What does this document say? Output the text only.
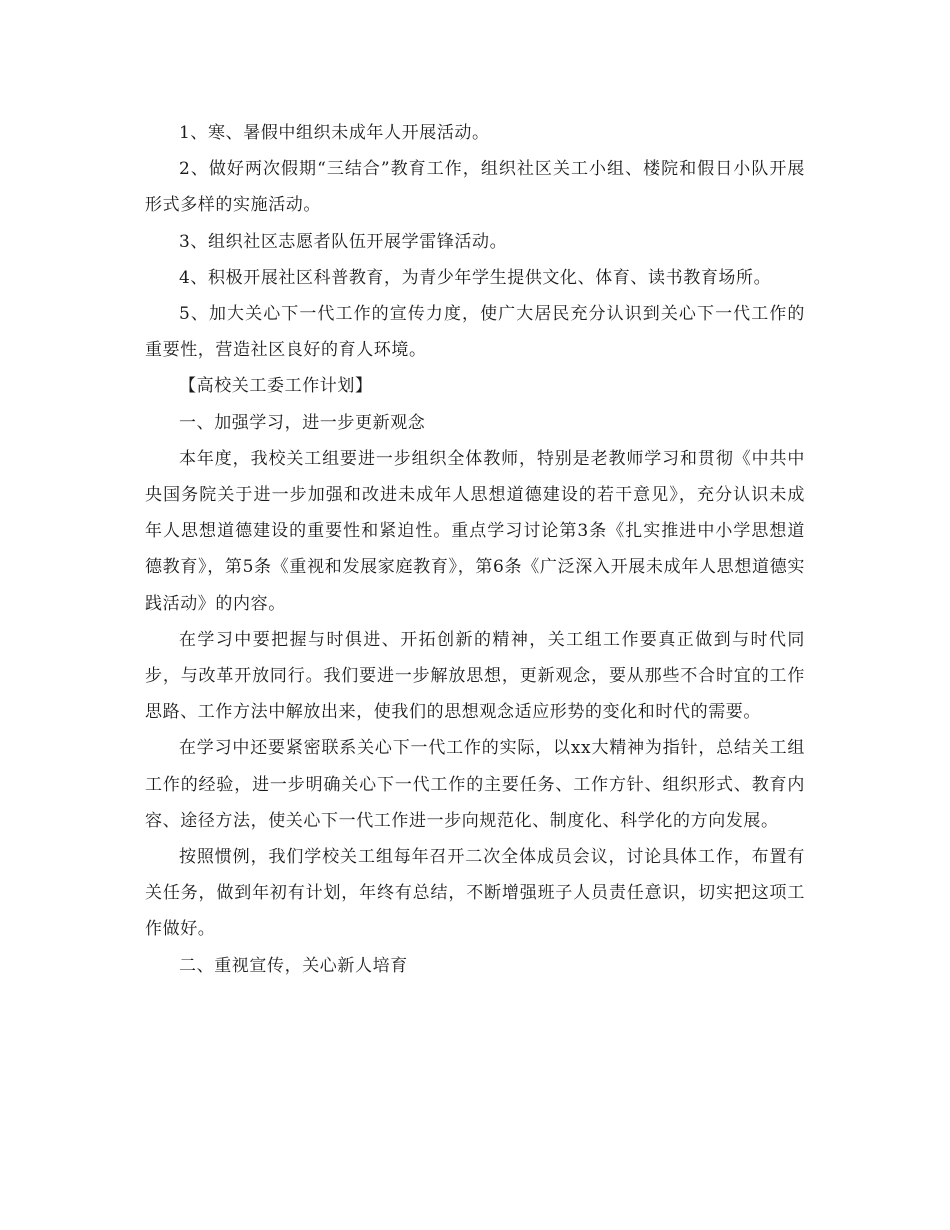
1、寒、暑假中组织未成年人开展活动。

2、做好两次假期“三结合”教育工作，组织社区关工小组、楼院和假日小队开展形式多样的实施活动。

3、组织社区志愿者队伍开展学雷锋活动。

4、积极开展社区科普教育，为青少年学生提供文化、体育、读书教育场所。

5、加大关心下一代工作的宣传力度，使广大居民充分认识到关心下一代工作的重要性，营造社区良好的育人环境。

【高校关工委工作计划】

一、加强学习，进一步更新观念

本年度，我校关工组要进一步组织全体教师，特别是老教师学习和贯彻《中共中央国务院关于进一步加强和改进未成年人思想道德建设的若干意见》，充分认识未成年人思想道德建设的重要性和紧迫性。重点学习讨论第3条《扎实推进中小学思想道德教育》，第5条《重视和发展家庭教育》，第6条《广泛深入开展未成年人思想道德实践活动》的内容。

在学习中要把握与时俱进、开拓创新的精神，关工组工作要真正做到与时代同步，与改革开放同行。我们要进一步解放思想，更新观念，要从那些不合时宜的工作思路、工作方法中解放出来，使我们的思想观念适应形势的变化和时代的需要。

在学习中还要紧密联系关心下一代工作的实际，以xx大精神为指针，总结关工组工作的经验，进一步明确关心下一代工作的主要任务、工作方针、组织形式、教育内容、途径方法，使关心下一代工作进一步向规范化、制度化、科学化的方向发展。

按照惯例，我们学校关工组每年召开二次全体成员会议，讨论具体工作，布置有关任务，做到年初有计划，年终有总结，不断增强班子人员责任意识，切实把这项工作做好。

二、重视宣传，关心新人培育
